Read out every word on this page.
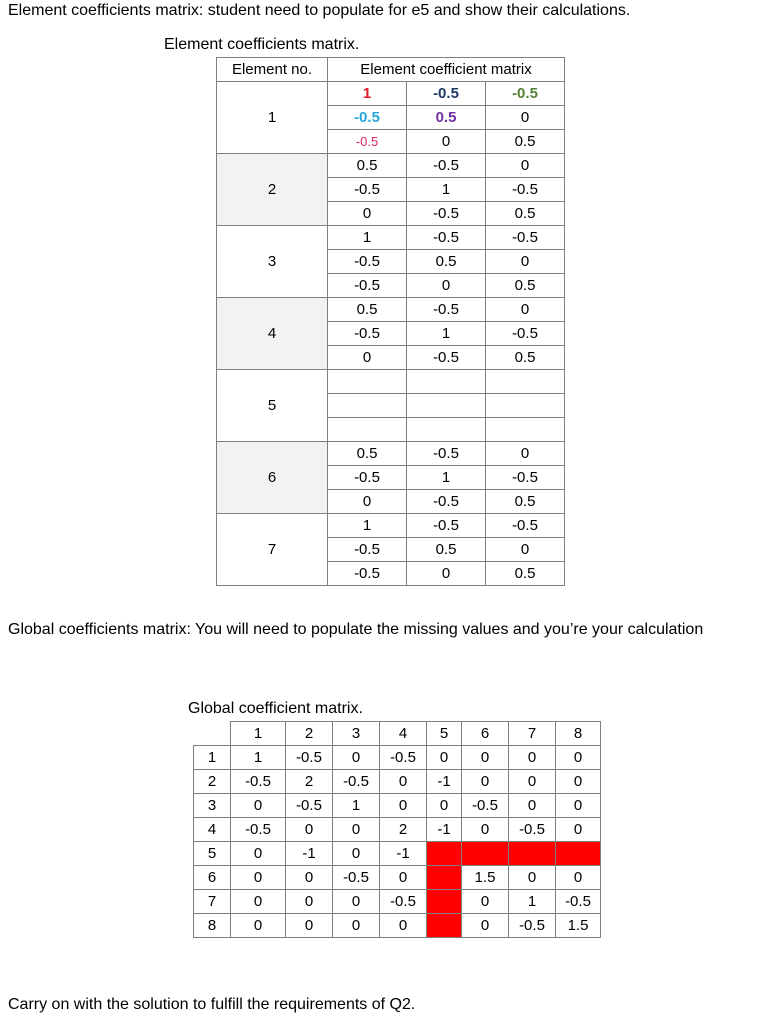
Element coefficients matrix: student need to populate for e5 and show their calculations.
Element coefficients matrix.
Element no.	Element coefficient matrix		
1	1	-0.5	-0.5
	-0.5	0.5	0
	-0.5	0	0.5
2	0.5	-0.5	0
	-0.5	1	-0.5
	0	-0.5	0.5
3	1	-0.5	-0.5
	-0.5	0.5	0
	-0.5	0	0.5
4	0.5	-0.5	0
	-0.5	1	-0.5
	0	-0.5	0.5
5			

6	0.5	-0.5	0
	-0.5	1	-0.5
	0	-0.5	0.5
7	1	-0.5	-0.5
	-0.5	0.5	0
	-0.5	0	0.5
Global coefficients matrix: You will need to populate the missing values and you’re your calculation
Global coefficient matrix.
	1	2	3	4	5	6	7	8
1	1	-0.5	0	-0.5	0	0	0	0
2	-0.5	2	-0.5	0	-1	0	0	0
3	0	-0.5	1	0	0	-0.5	0	0
4	-0.5	0	0	2	-1	0	-0.5	0
5	0	-1	0	-1				
6	0	0	-0.5	0		1.5	0	0
7	0	0	0	-0.5		0	1	-0.5
8	0	0	0	0		0	-0.5	1.5
Carry on with the solution to fulfill the requirements of Q2.
